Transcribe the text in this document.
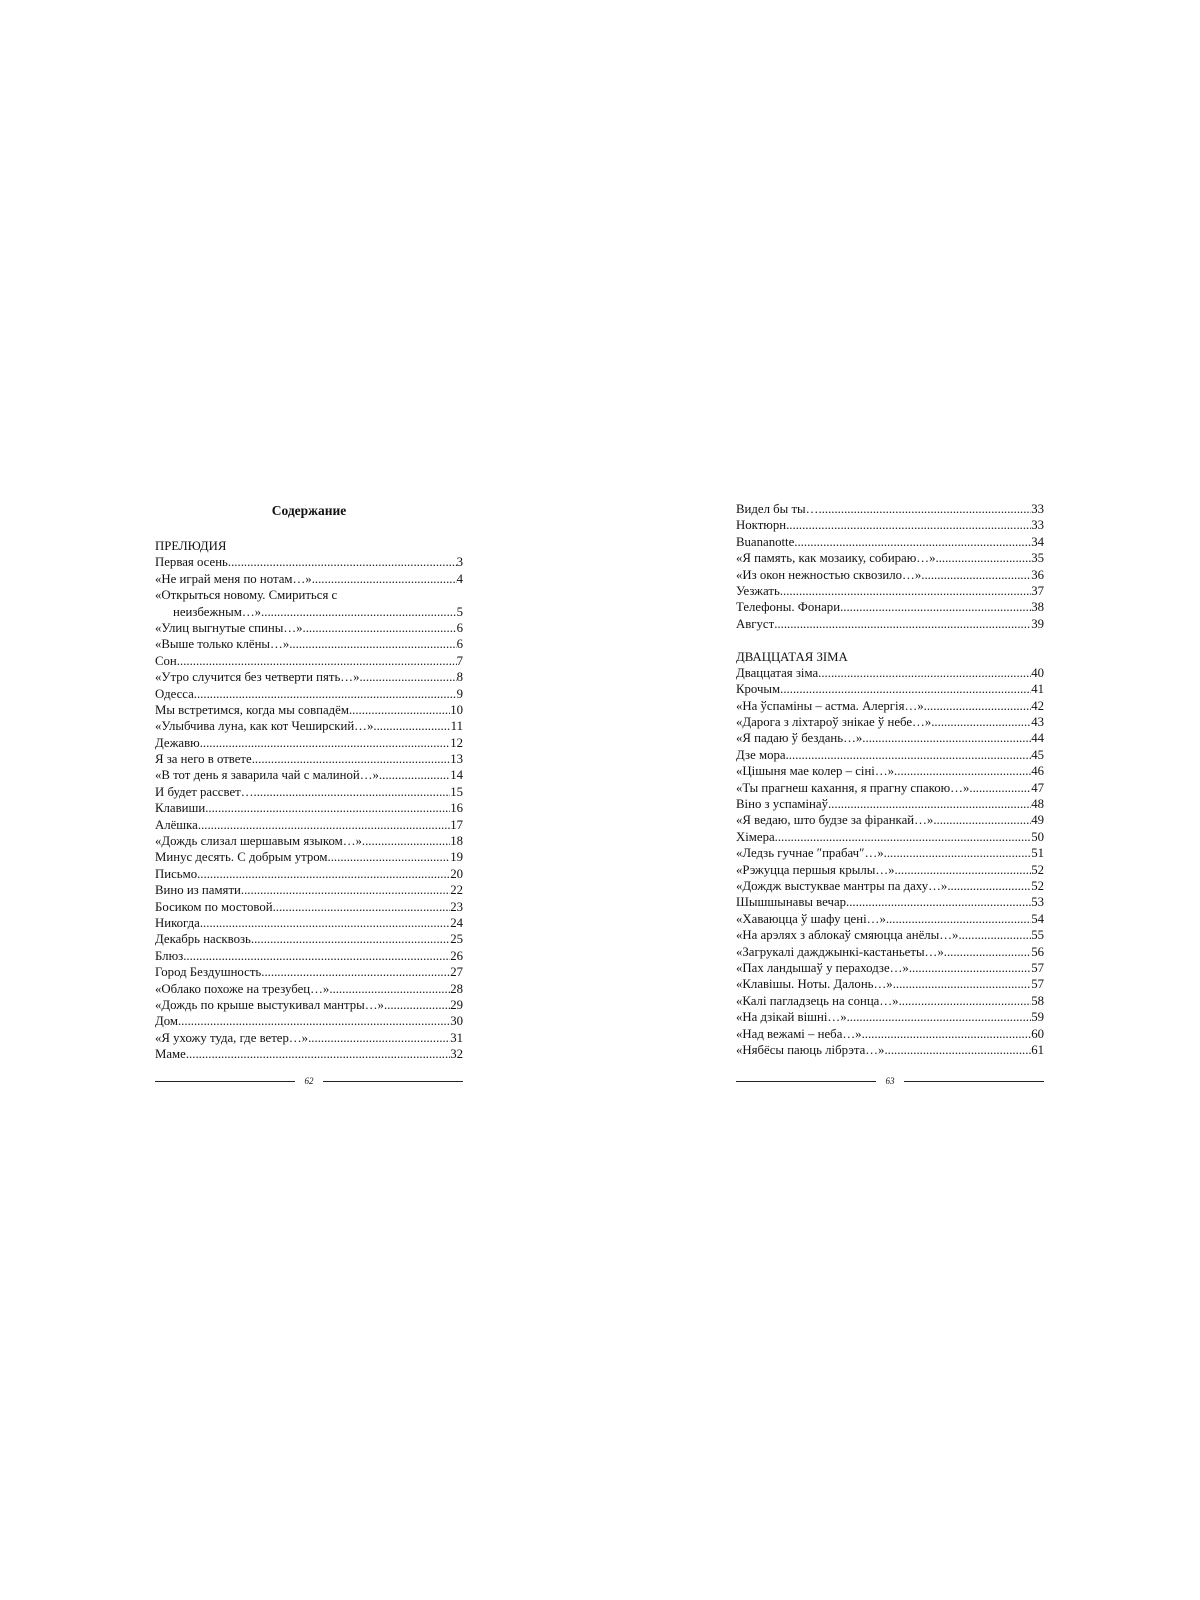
Содержание
ПРЕЛЮДИЯ
Первая осень .....	3
«Не играй меня по нотам…» .....	4
«Открыться новому. Смириться с
неизбежным…» .....	5
«Улиц выгнутые спины…» .....	6
«Выше только клёны…» .....	6
Сон .....	7
«Утро случится без четверти пять…» .....	8
Одесса .....	9
Мы встретимся, когда мы совпадём .....	10
«Улыбчива луна, как кот Чеширский…» .....	11
Дежавю .....	12
Я за него в ответе .....	13
«В тот день я заварила чай с малиной…» .....	14
И будет рассвет… .....	15
Клавиши .....	16
Алёшка .....	17
«Дождь слизал шершавым языком…» .....	18
Минус десять. С добрым утром .....	19
Письмо .....	20
Вино из памяти .....	22
Босиком по мостовой .....	23
Никогда .....	24
Декабрь насквозь .....	25
Блюз .....	26
Город Бездушность .....	27
«Облако похоже на трезубец…» .....	28
«Дождь по крыше выстукивал мантры…» .....	29
Дом .....	30
«Я ухожу туда, где ветер…» .....	31
Маме .....	32
62
Видел бы ты… .....	33
Ноктюрн .....	33
Buananotte .....	34
«Я память, как мозаику, собираю…» .....	35
«Из окон нежностью сквозило…» .....	36
Уезжать .....	37
Телефоны. Фонари .....	38
Август .....	39
ДВАЦЦАТАЯ ЗІМА
Дваццатая зіма .....	40
Крочым .....	41
«На ўспаміны – астма. Алергія…» .....	42
«Дарога з ліхтароў знікае ў небе…» .....	43
«Я падаю ў бездань…» .....	44
Дзе мора .....	45
«Цішыня мае колер – сіні…» .....	46
«Ты прагнеш кахання, я прагну спакою…» .....	47
Віно з успамінаў .....	48
«Я ведаю, што будзе за фіранкай…» .....	49
Хімера .....	50
«Ледзь гучнае ″прабач″…» .....	51
«Рэжуцца першыя крылы…» .....	52
«Дождж выстуквае мантры па даху…» .....	52
Шышшынавы вечар .....	53
«Хаваюцца ў шафу цені…» .....	54
«На арэлях з аблокаў смяюцца анёлы…» .....	55
«Загрукалі дажджынкі-кастаньеты…» .....	56
«Пах ландышаў у пераходзе…» .....	57
«Клавішы. Ноты. Далонь…» .....	57
«Калі пагладзець на сонца…» .....	58
«На дзікай вішні…» .....	59
«Над вежамі – неба…» .....	60
«Нябёсы паюць лібрэта…» .....	61
63
